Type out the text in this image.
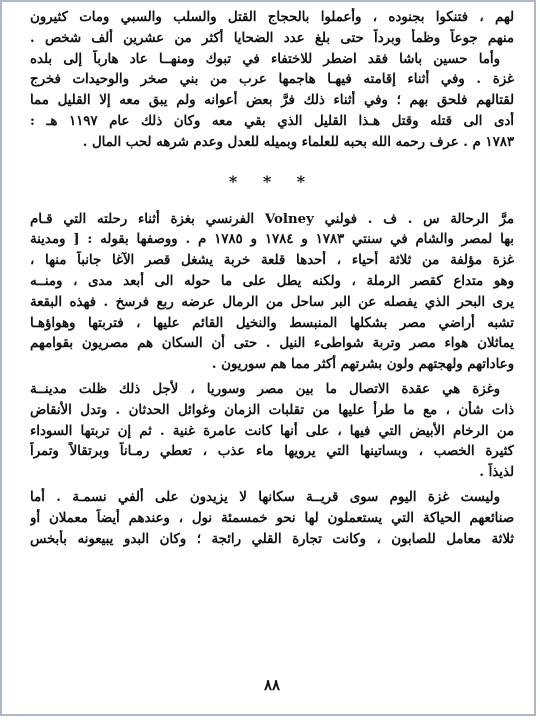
لهم ، فتنكوا بجنوده ، وأعملوا بالحجاج القتل والسلب والسبي ومات كثيرون
منهم جوعاً وظمأً وبرداً حتى بلغ عدد الضحايا أكثر من عشرين ألف شخص .
وأما حسين باشا فقد اضطر للاختفاء في تبوك ومنهــا عاد هارباً إلى بلده
غزة . وفي أثناء إقامته فيهـا هاجمها عرب من بني صخر والوحيدات فخرج
لقتالهم فلحق بهم ؛ وفي أثناء ذلك فرَّ بعض أعوانه ولم يبق معه إلا القليل مما
أدى الى قتله وقتل هـذا القليل الذي بقي معه وكان ذلك عام ١١٩٧ هـ :
١٧٨٣ م . عرف رحمه الله بحبه للعلماء وبميله للعدل وعدم شرهه لحب المال .
* * *
مرَّ الرحالة س . ف . فولني Volney الفرنسي بغزة أثناء رحلته التي قـام
بها لمصر والشام في سنتي ١٧٨٣ و ١٧٨٤ و ١٧٨٥ م . ووصفها بقوله : [ ومدينة
غزة مؤلفة من ثلاثة أحياء ، أحدها قلعة خربة يشغل قصر الآغا جانباً منها ،
وهو متداع كقصر الرملة ، ولكنه يطل على ما حوله الى أبعد مدى ، ومنــه
يرى البحر الذي يفصله عن البر ساحل من الرمال عرضه ربع فرسخ . فهذه البقعة
تشبه أراضي مصر بشكلها المنبسط والنخيل القائم عليها ، فتربتها وهواؤهـا
يماثلان هواء مصر وتربة شواطىء النيل . حتى أن السكان هم مصريون بقوامهم
وعاداتهم ولهجتهم ولون بشرتهم أكثر مما هم سوريون .
وغزة هي عقدة الاتصال ما بين مصر وسوريا ، لأجل ذلك ظلت مدينــة
ذات شأن ، مع ما طرأ عليها من تقلبات الزمان وغوائل الحدثان . وتدل الأنقاض
من الرخام الأبيض التي فيها ، على أنها كانت عامرة غنية . ثم إن تربتها السوداء
كثيرة الخصب ، وبساتينها التي يرويها ماء عذب ، تعطي رمـاناً وبرتقالاً وتمراً
لذيذاً .
وليست غزة اليوم سوى قريــة سكانها لا يزيدون على ألفي نسمـة . أما
صنائعهم الحياكة التي يستعملون لها نحو خمسمئة نول ، وعندهم أيضاً معملان أو
ثلاثة معامل للصابون ، وكانت تجارة القلي رائجة ؛ وكان البدو يبيعونه بأبخس
٨٨
